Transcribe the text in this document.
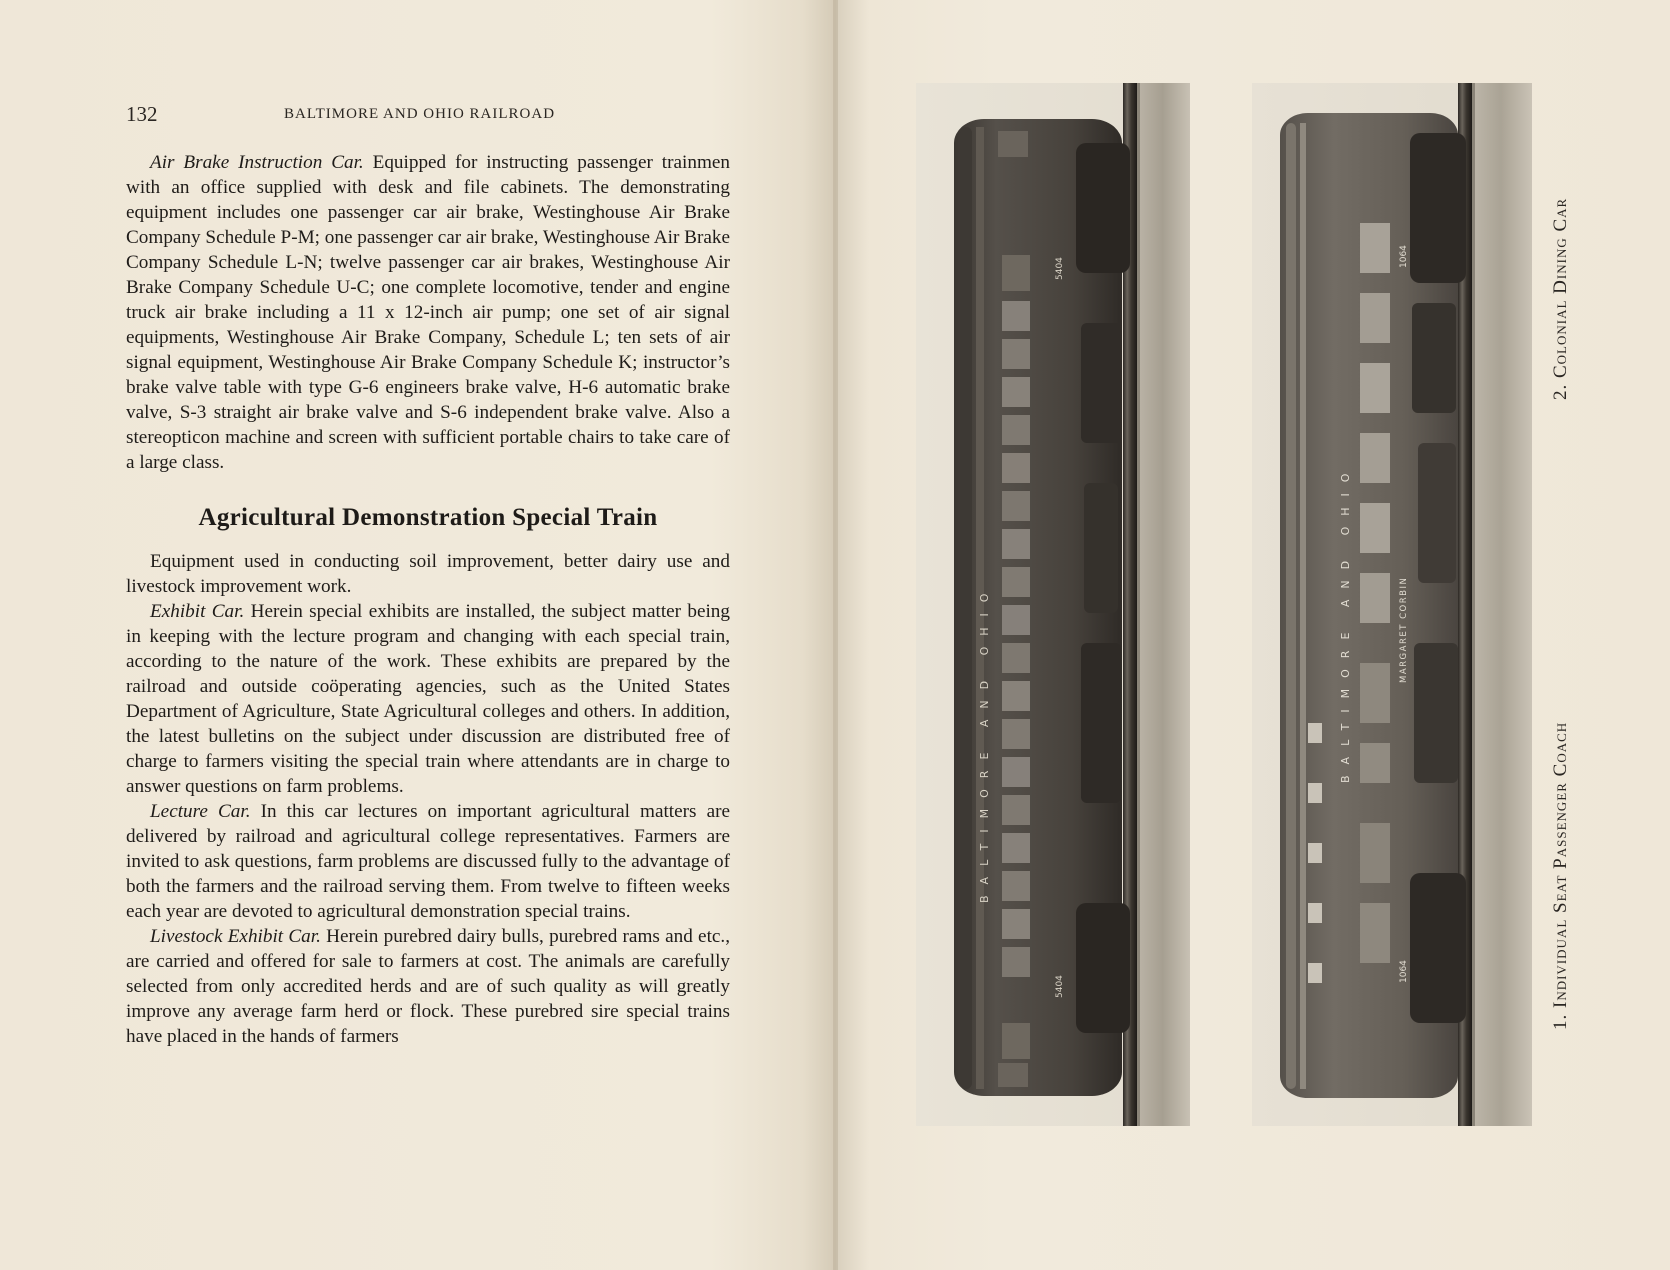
132	BALTIMORE AND OHIO RAILROAD

Air Brake Instruction Car. Equipped for instructing passenger trainmen with an office supplied with desk and file cabinets. The demonstrating equipment includes one passenger car air brake, Westinghouse Air Brake Company Schedule P-M; one passenger car air brake, Westinghouse Air Brake Company Schedule L-N; twelve passenger car air brakes, Westinghouse Air Brake Company Schedule U-C; one complete locomotive, tender and engine truck air brake including a 11 x 12-inch air pump; one set of air signal equipments, Westinghouse Air Brake Company, Schedule L; ten sets of air signal equipment, Westinghouse Air Brake Company Schedule K; instructor’s brake valve table with type G-6 engineers brake valve, H-6 automatic brake valve, S-3 straight air brake valve and S-6 independent brake valve. Also a stereopticon machine and screen with sufficient portable chairs to take care of a large class.

Agricultural Demonstration Special Train

Equipment used in conducting soil improvement, better dairy use and livestock improvement work.

Exhibit Car. Herein special exhibits are installed, the subject matter being in keeping with the lecture program and changing with each special train, according to the nature of the work. These exhibits are prepared by the railroad and outside coöperating agencies, such as the United States Department of Agriculture, State Agricultural colleges and others. In addition, the latest bulletins on the subject under discussion are distributed free of charge to farmers visiting the special train where attendants are in charge to answer questions on farm problems.

Lecture Car. In this car lectures on important agricultural matters are delivered by railroad and agricultural college representatives. Farmers are invited to ask questions, farm problems are discussed fully to the advantage of both the farmers and the railroad serving them. From twelve to fifteen weeks each year are devoted to agricultural demonstration special trains.

Livestock Exhibit Car. Herein purebred dairy bulls, purebred rams and etc., are carried and offered for sale to farmers at cost. The animals are carefully selected from only accredited herds and are of such quality as will greatly improve any average farm herd or flock. These purebred sire special trains have placed in the hands of farmers

BALTIMORE AND OHIO
5404
5404
BALTIMORE AND OHIO
1064
MARGARET CORBIN
1064	1. Individual Seat Passenger Coach
2. Colonial Dining Car
